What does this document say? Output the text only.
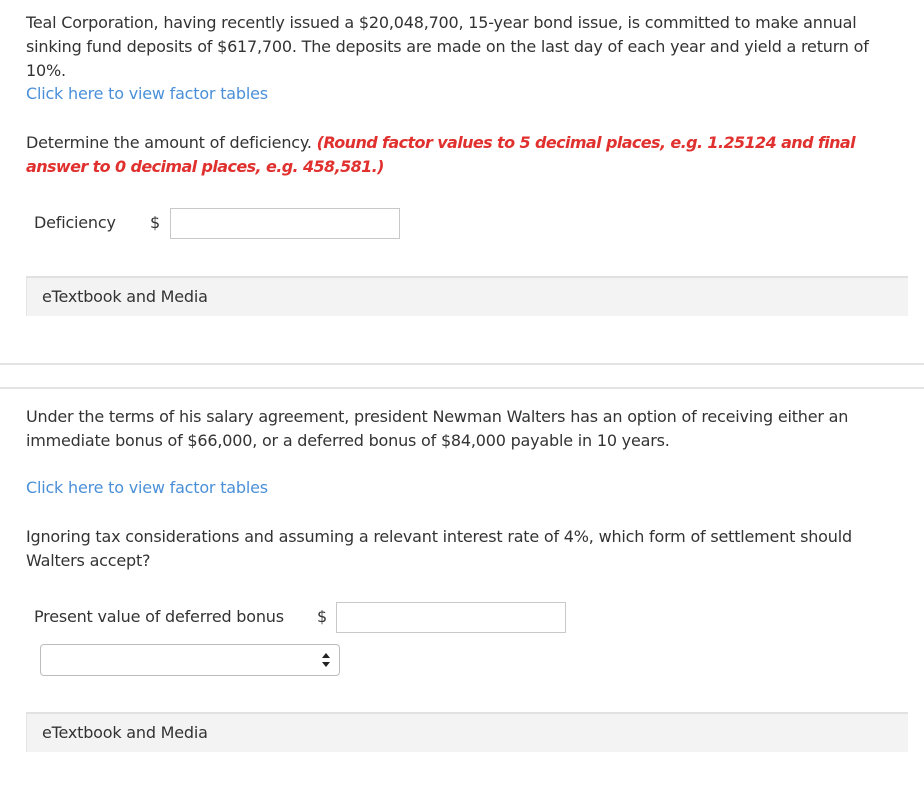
Teal Corporation, having recently issued a $20,048,700, 15-year bond issue, is committed to make annual sinking fund deposits of $617,700. The deposits are made on the last day of each year and yield a return of 10%.
Click here to view factor tables
Determine the amount of deficiency. (Round factor values to 5 decimal places, e.g. 1.25124 and final answer to 0 decimal places, e.g. 458,581.)
Deficiency $
eTextbook and Media
Under the terms of his salary agreement, president Newman Walters has an option of receiving either an immediate bonus of $66,000, or a deferred bonus of $84,000 payable in 10 years.
Click here to view factor tables
Ignoring tax considerations and assuming a relevant interest rate of 4%, which form of settlement should Walters accept?
Present value of deferred bonus $
eTextbook and Media
